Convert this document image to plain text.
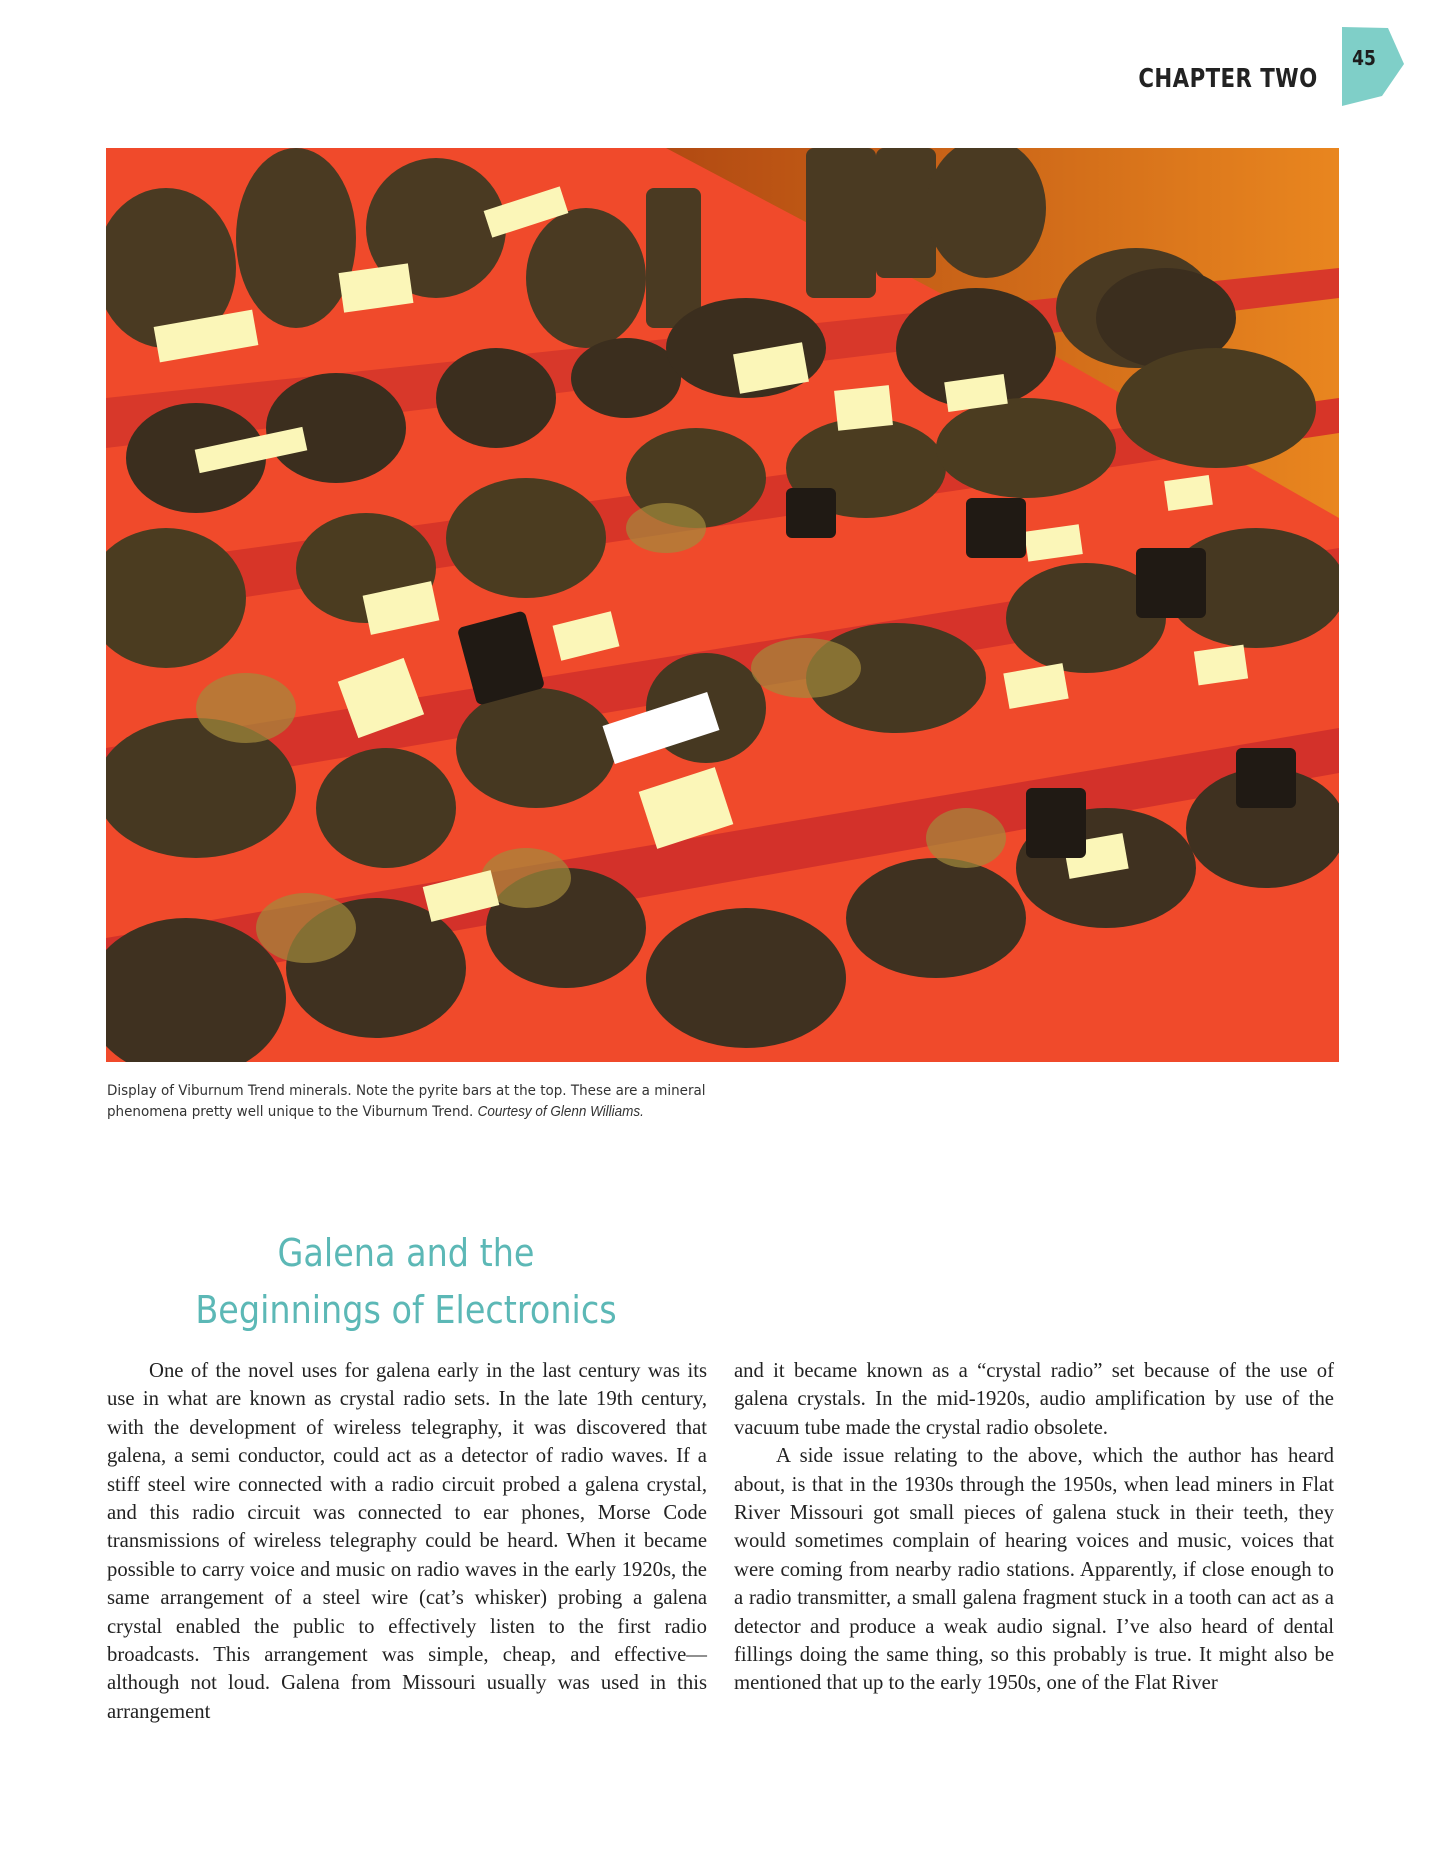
CHAPTER TWO
45
Display of Viburnum Trend minerals. Note the pyrite bars at the top. These are a mineral phenomena pretty well unique to the Viburnum Trend. Courtesy of Glenn Williams.
Galena and the
Beginnings of Electronics

One of the novel uses for galena early in the last century was its use in what are known as crystal radio sets. In the late 19th century, with the development of wireless telegraphy, it was discovered that galena, a semi conductor, could act as a detector of radio waves. If a stiff steel wire connected with a radio circuit probed a galena crystal, and this radio circuit was connected to ear phones, Morse Code transmissions of wireless telegraphy could be heard. When it became possible to carry voice and music on radio waves in the early 1920s, the same arrangement of a steel wire (cat’s whisker) probing a galena crystal enabled the public to effectively listen to the first radio broadcasts. This arrangement was simple, cheap, and effective—although not loud. Galena from Missouri usually was used in this arrangement

and it became known as a “crystal radio” set because of the use of galena crystals. In the mid-1920s, audio amplification by use of the vacuum tube made the crystal radio obsolete.

A side issue relating to the above, which the author has heard about, is that in the 1930s through the 1950s, when lead miners in Flat River Missouri got small pieces of galena stuck in their teeth, they would sometimes complain of hearing voices and music, voices that were coming from nearby radio stations. Apparently, if close enough to a radio transmitter, a small galena fragment stuck in a tooth can act as a detector and produce a weak audio signal. I’ve also heard of dental fillings doing the same thing, so this probably is true. It might also be mentioned that up to the early 1950s, one of the Flat River
